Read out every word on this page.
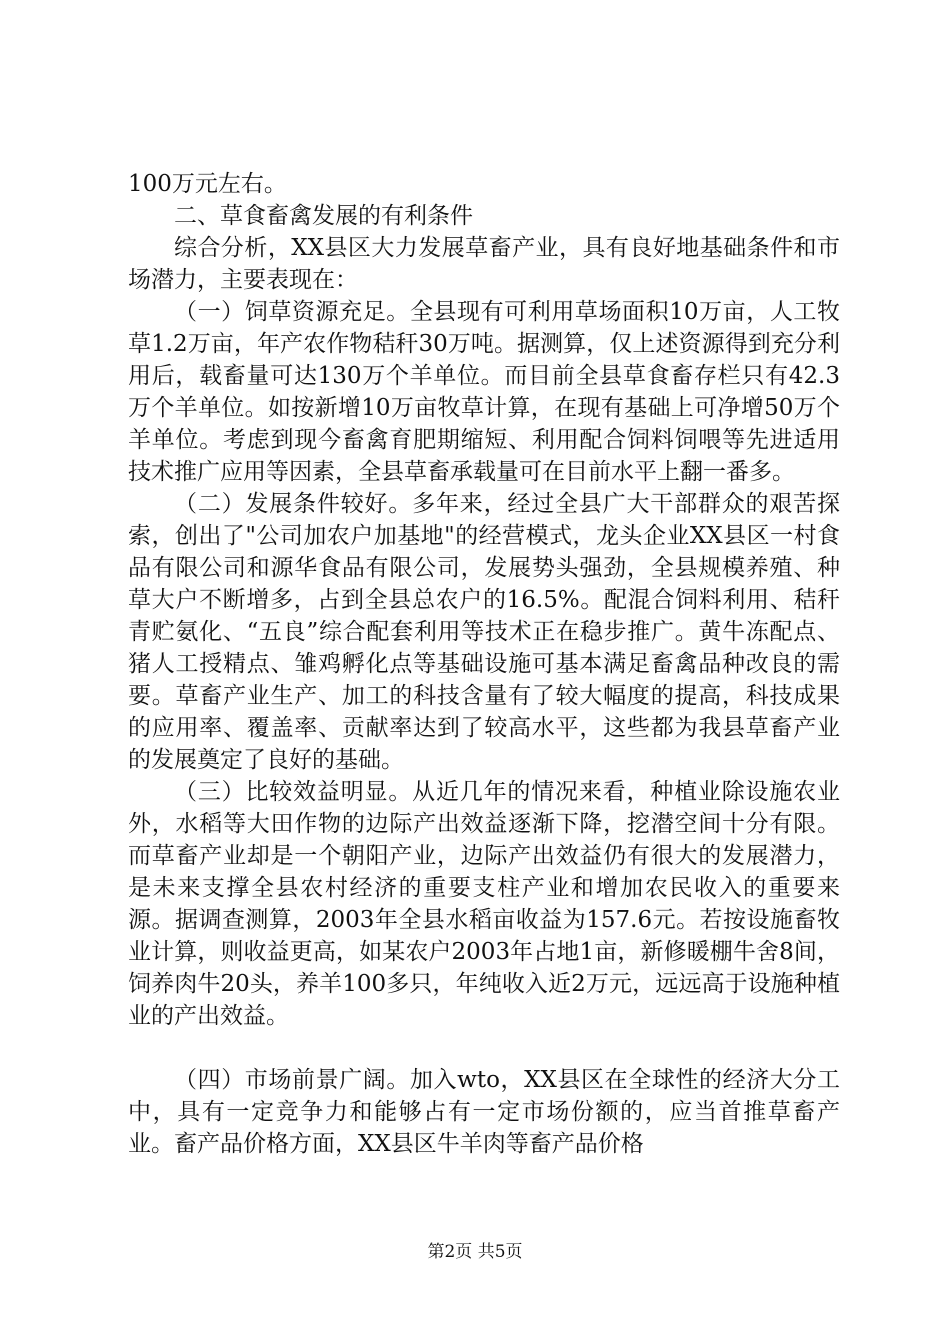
100万元左右。

二、草食畜禽发展的有利条件

综合分析，XX县区大力发展草畜产业，具有良好地基础条件和市场潜力，主要表现在：

（一）饲草资源充足。全县现有可利用草场面积10万亩，人工牧草1.2万亩，年产农作物秸秆30万吨。据测算，仅上述资源得到充分利用后，载畜量可达130万个羊单位。而目前全县草食畜存栏只有42.3万个羊单位。如按新增10万亩牧草计算，在现有基础上可净增50万个羊单位。考虑到现今畜禽育肥期缩短、利用配合饲料饲喂等先进适用技术推广应用等因素，全县草畜承载量可在目前水平上翻一番多。

（二）发展条件较好。多年来，经过全县广大干部群众的艰苦探索，创出了"公司加农户加基地"的经营模式，龙头企业XX县区一村食品有限公司和源华食品有限公司，发展势头强劲，全县规模养殖、种草大户不断增多，占到全县总农户的16.5%。配混合饲料利用、秸秆青贮氨化、“五良”综合配套利用等技术正在稳步推广。黄牛冻配点、猪人工授精点、雏鸡孵化点等基础设施可基本满足畜禽品种改良的需要。草畜产业生产、加工的科技含量有了较大幅度的提高，科技成果的应用率、覆盖率、贡献率达到了较高水平，这些都为我县草畜产业的发展奠定了良好的基础。

（三）比较效益明显。从近几年的情况来看，种植业除设施农业外，水稻等大田作物的边际产出效益逐渐下降，挖潜空间十分有限。而草畜产业却是一个朝阳产业，边际产出效益仍有很大的发展潜力，是未来支撑全县农村经济的重要支柱产业和增加农民收入的重要来源。据调查测算，2003年全县水稻亩收益为157.6元。若按设施畜牧业计算，则收益更高，如某农户2003年占地1亩，新修暖棚牛舍8间，饲养肉牛20头，养羊100多只，年纯收入近2万元，远远高于设施种植业的产出效益。

（四）市场前景广阔。加入wto，XX县区在全球性的经济大分工中，具有一定竞争力和能够占有一定市场份额的，应当首推草畜产业。畜产品价格方面，XX县区牛羊肉等畜产品价格

第2页 共5页
